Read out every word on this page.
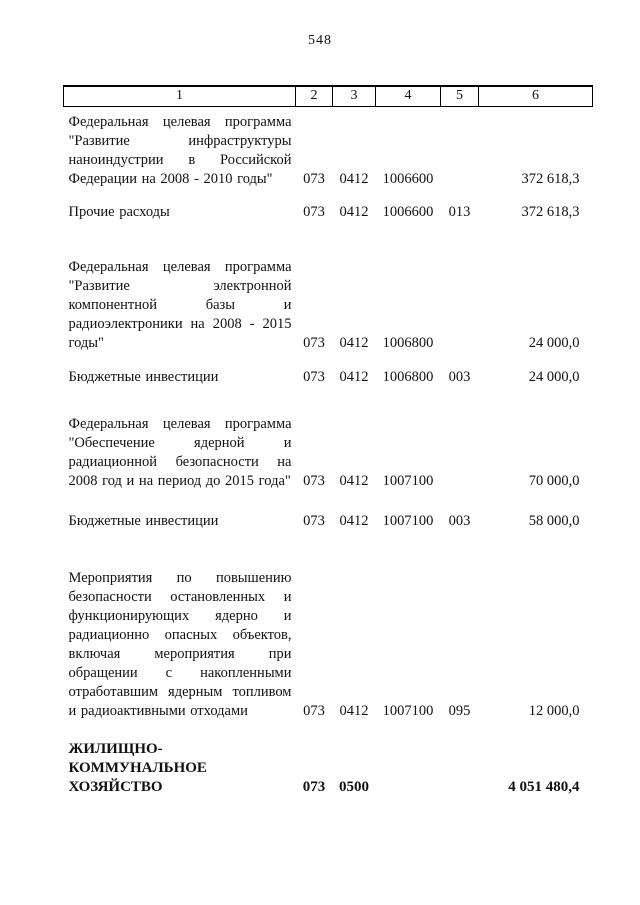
548
1	2	3	4	5	6
Федеральная целевая программа "Развитие инфраструктуры наноиндустрии в Российской Федерации на 2008 - 2010 годы"	073	0412	1006600		372 618,3
Прочие расходы	073	0412	1006600	013	372 618,3
Федеральная целевая программа "Развитие электронной компонентной базы и радиоэлектроники на 2008 - 2015 годы"	073	0412	1006800		24 000,0
Бюджетные инвестиции	073	0412	1006800	003	24 000,0
Федеральная целевая программа "Обеспечение ядерной и радиационной безопасности на 2008 год и на период до 2015 года"	073	0412	1007100		70 000,0
Бюджетные инвестиции	073	0412	1007100	003	58 000,0
Мероприятия по повышению безопасности остановленных и функционирующих ядерно и радиационно опасных объектов, включая мероприятия при обращении с накопленными отработавшим ядерным топливом и радиоактивными отходами	073	0412	1007100	095	12 000,0
ЖИЛИЩНО-КОММУНАЛЬНОЕ ХОЗЯЙСТВО	073	0500			4 051 480,4
